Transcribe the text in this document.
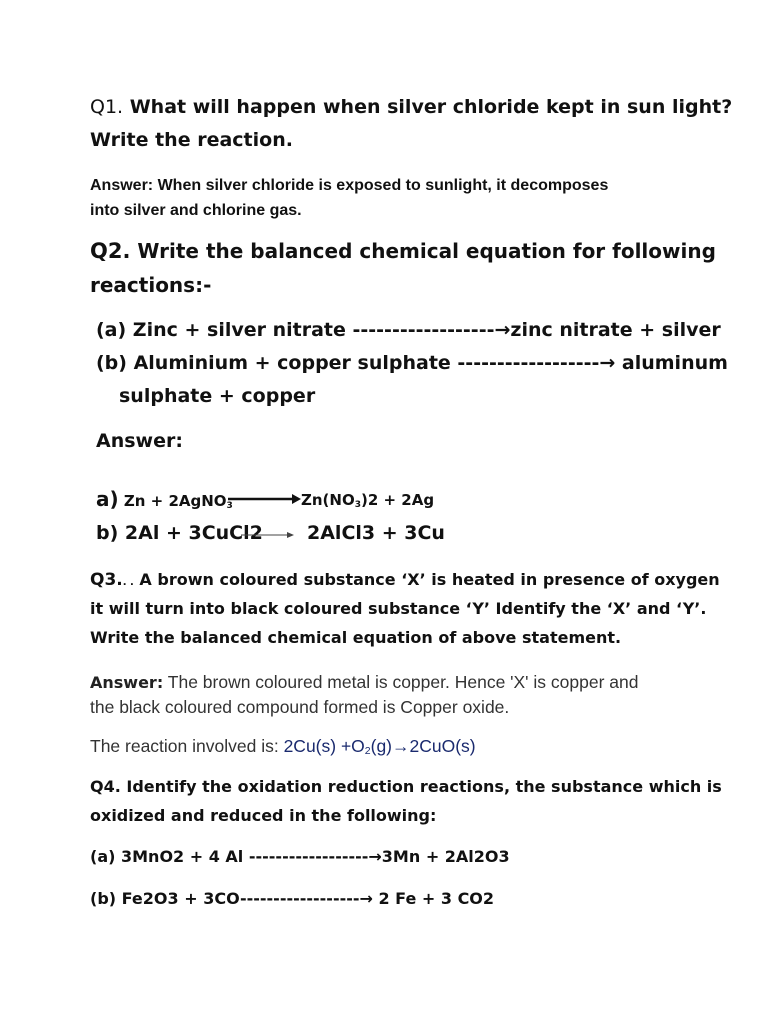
Q1. What will happen when silver chloride kept in sun light?
Write the reaction.
Answer: When silver chloride is exposed to sunlight, it decomposes
into silver and chlorine gas.
Q2. Write the balanced chemical equation for following
reactions:-
(a) Zinc + silver nitrate ------------------→zinc nitrate + silver
(b) Aluminium + copper sulphate ------------------→ aluminum
sulphate + copper
Answer:
a) Zn + 2AgNO$_3$	$Zn(NO_3)2 + 2Ag$
b) 2Al + 3CuCl2 2AlCl3 + 3Cu
Q3.. . A brown coloured substance ‘X’ is heated in presence of oxygen
it will turn into black coloured substance ‘Y’ Identify the ‘X’ and ‘Y’.
Write the balanced chemical equation of above statement.
Answer: The brown coloured metal is copper. Hence 'X' is copper and
the black coloured compound formed is Copper oxide.
The reaction involved is: $2Cu(s) +O_2(g)\to 2CuO(s)$
Q4. Identify the oxidation reduction reactions, the substance which is
oxidized and reduced in the following:
(a) 3MnO2 + 4 Al ------------------→3Mn + 2Al2O3
(b) Fe2O3 + 3CO------------------→ 2 Fe + 3 CO2
